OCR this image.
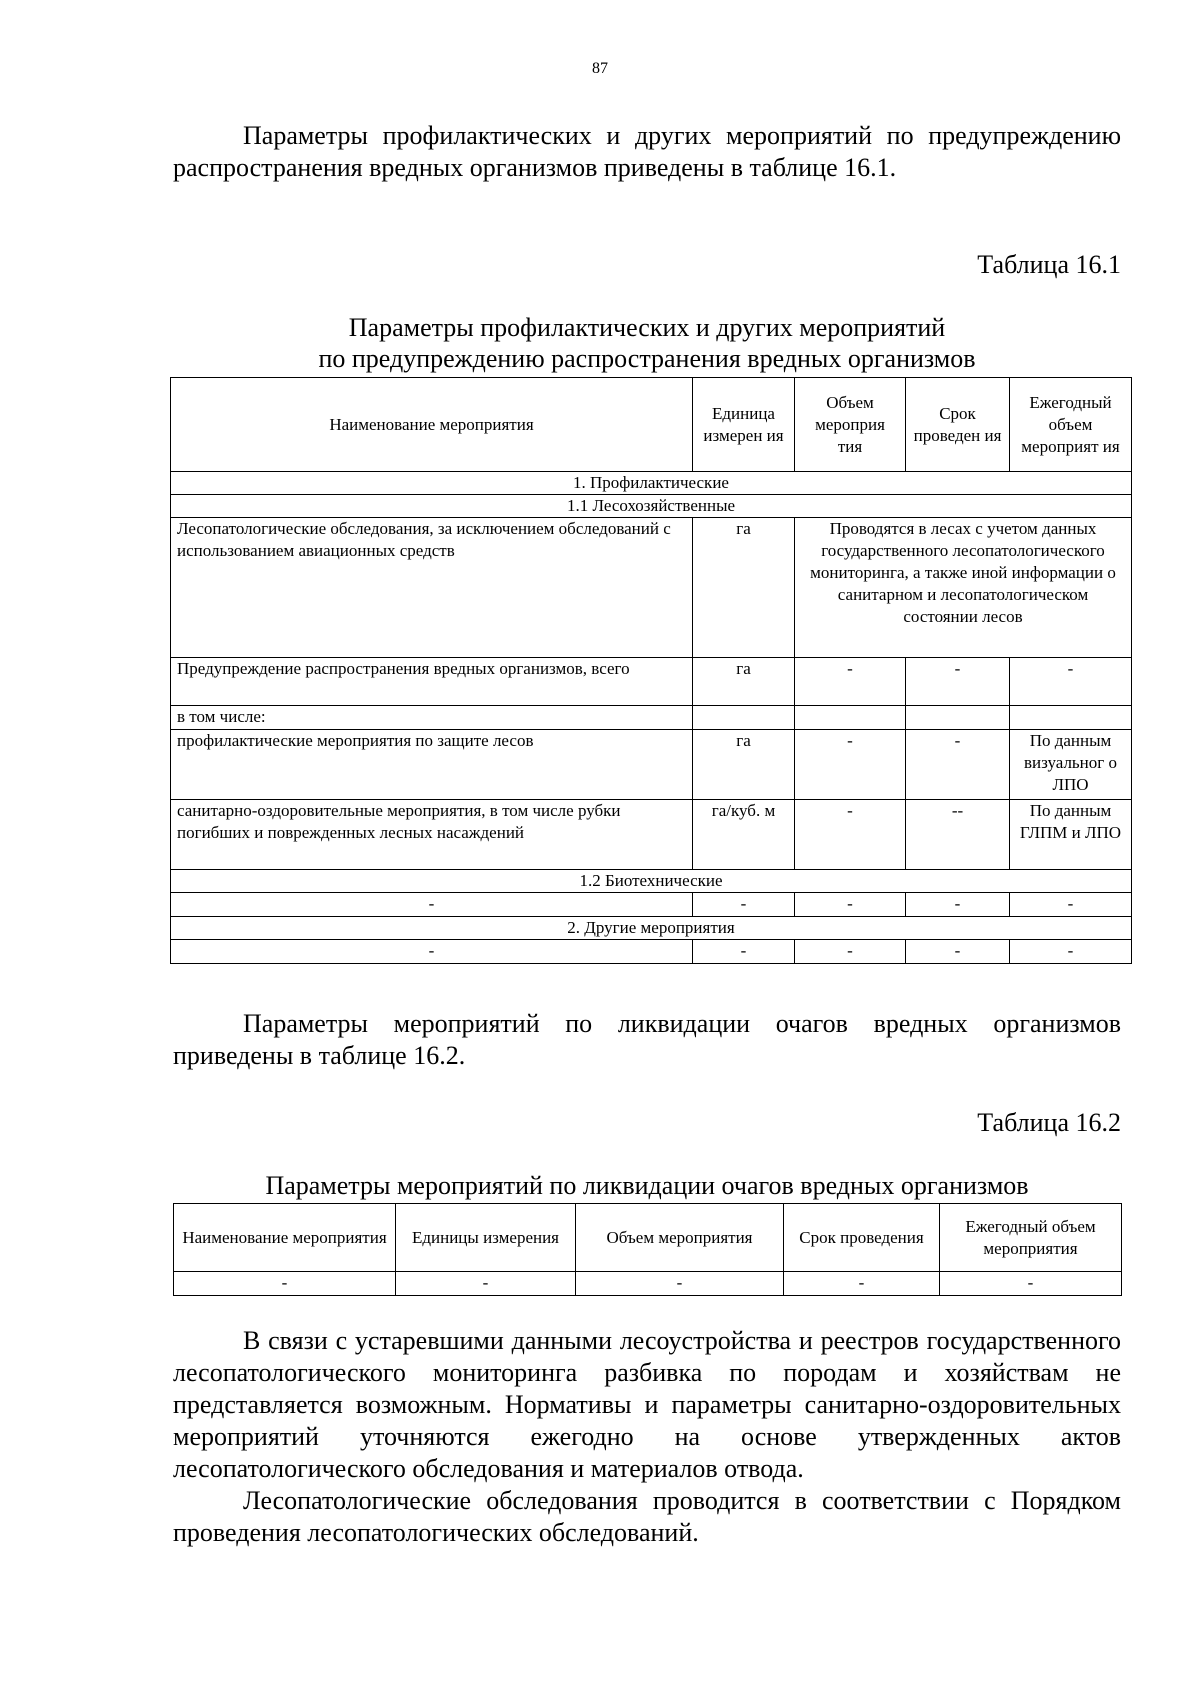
87

Параметры профилактических и других мероприятий по предупреждению распространения вредных организмов приведены в таблице 16.1.

Таблица 16.1
Параметры профилактических и других мероприятий
по предупреждению распространения вредных организмов
Наименование мероприятия	Единица измерен ия	Объем мероприя тия	Срок проведен ия	Ежегодный объем мероприят ия
1. Профилактические				
1.1 Лесохозяйственные				
Лесопатологические обследования, за исключением обследований с использованием авиационных средств	га	Проводятся в лесах с учетом данных государственного лесопатологического мониторинга, а также иной информации о санитарном и лесопатологическом состоянии лесов		
Предупреждение распространения вредных организмов, всего	га	-	-	-
в том числе:				
профилактические мероприятия по защите лесов	га	-	-	По данным визуальног о ЛПО
санитарно-оздоровительные мероприятия, в том числе рубки погибших и поврежденных лесных насаждений	га/куб. м	-	--	По данным ГЛПМ и ЛПО
1.2 Биотехнические				
-	-	-	-	-
2. Другие мероприятия				
-	-	-	-	-

Параметры мероприятий по ликвидации очагов вредных организмов приведены в таблице 16.2.

Таблица 16.2
Параметры мероприятий по ликвидации очагов вредных организмов
Наименование мероприятия	Единицы измерения	Объем мероприятия	Срок проведения	Ежегодный объем мероприятия
-	-	-	-	-

В связи с устаревшими данными лесоустройства и реестров государственного лесопатологического мониторинга разбивка по породам и хозяйствам не представляется возможным. Нормативы и параметры санитарно-оздоровительных мероприятий уточняются ежегодно на основе утвержденных актов лесопатологического обследования и материалов отвода.

Лесопатологические обследования проводится в соответствии с Порядком проведения лесопатологических обследований.
